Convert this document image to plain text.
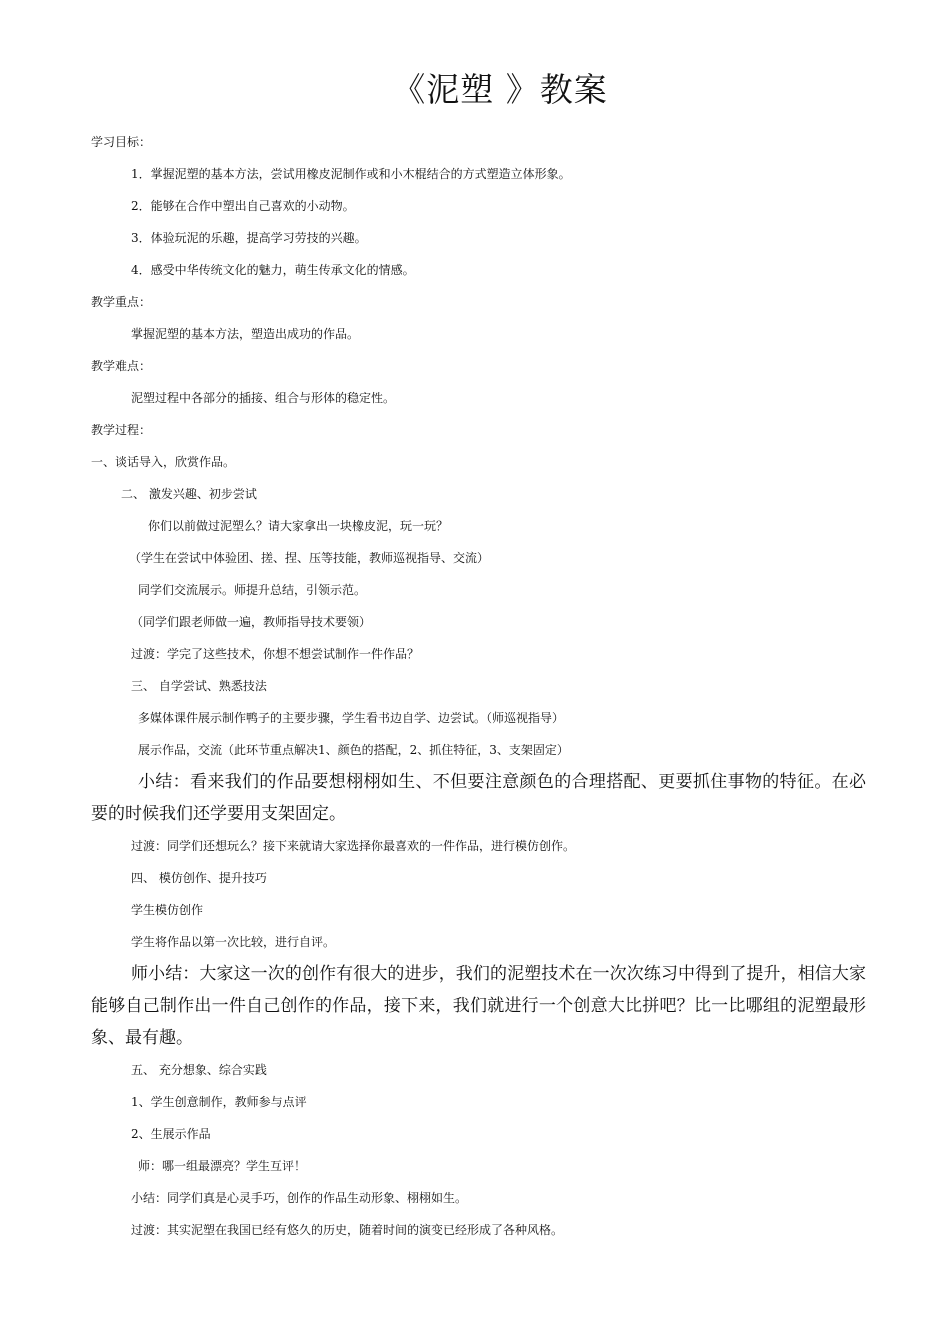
《泥塑 》教案

学习目标：

1．掌握泥塑的基本方法，尝试用橡皮泥制作或和小木棍结合的方式塑造立体形象。

2．能够在合作中塑出自己喜欢的小动物。

3．体验玩泥的乐趣，提高学习劳技的兴趣。

4．感受中华传统文化的魅力，萌生传承文化的情感。

教学重点：

掌握泥塑的基本方法，塑造出成功的作品。

教学难点：

泥塑过程中各部分的插接、组合与形体的稳定性。

教学过程：

一、谈话导入，欣赏作品。

二、 激发兴趣、初步尝试

你们以前做过泥塑么？请大家拿出一块橡皮泥，玩一玩？

（学生在尝试中体验团、搓、捏、压等技能，教师巡视指导、交流）

同学们交流展示。师提升总结，引领示范。

（同学们跟老师做一遍，教师指导技术要领）

过渡：学完了这些技术，你想不想尝试制作一件作品？

三、 自学尝试、熟悉技法

多媒体课件展示制作鸭子的主要步骤，学生看书边自学、边尝试。（师巡视指导）

展示作品，交流（此环节重点解决1、颜色的搭配，2、抓住特征，3、支架固定）

小结：看来我们的作品要想栩栩如生、不但要注意颜色的合理搭配、更要抓住事物的特征。在必要的时候我们还学要用支架固定。

过渡：同学们还想玩么？接下来就请大家选择你最喜欢的一件作品，进行模仿创作。

四、 模仿创作、提升技巧

学生模仿创作

学生将作品以第一次比较，进行自评。

师小结：大家这一次的创作有很大的进步，我们的泥塑技术在一次次练习中得到了提升，相信大家能够自己制作出一件自己创作的作品，接下来，我们就进行一个创意大比拼吧？比一比哪组的泥塑最形象、最有趣。

五、 充分想象、综合实践

1、学生创意制作，教师参与点评

2、生展示作品

师：哪一组最漂亮？学生互评！

小结：同学们真是心灵手巧，创作的作品生动形象、栩栩如生。

过渡：其实泥塑在我国已经有悠久的历史，随着时间的演变已经形成了各种风格。
